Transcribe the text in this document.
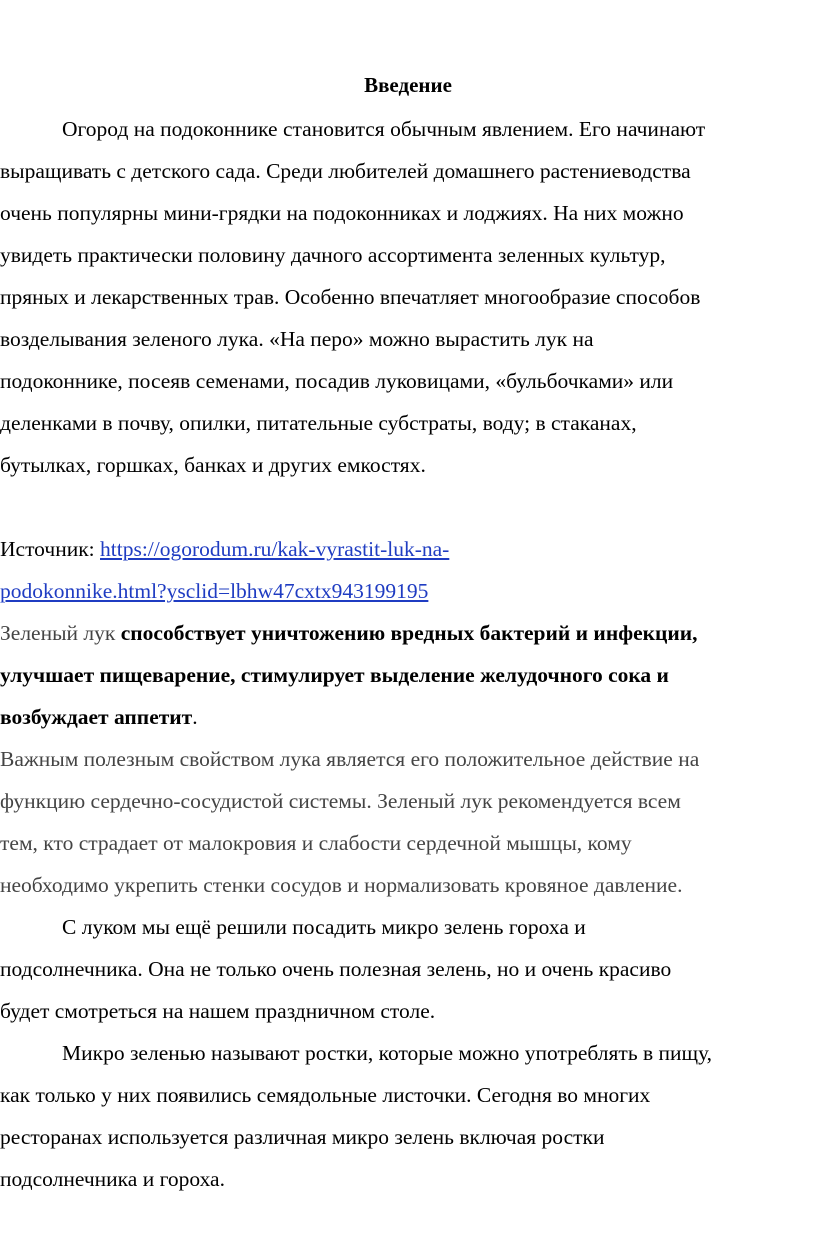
Введение
Огород на подоконнике становится обычным явлением. Его начинают
выращивать с детского сада. Среди любителей домашнего растениеводства
очень популярны мини-грядки на подоконниках и лоджиях. На них можно
увидеть практически половину дачного ассортимента зеленных культур,
пряных и лекарственных трав. Особенно впечатляет многообразие способов
возделывания зеленого лука. «На перо» можно вырастить лук на
подоконнике, посеяв семенами, посадив луковицами, «бульбочками» или
деленками в почву, опилки, питательные субстраты, воду; в стаканах,
бутылках, горшках, банках и других емкостях.
Источник: https://ogorodum.ru/kak-vyrastit-luk-na-
podokonnike.html?ysclid=lbhw47cxtx943199195
Зеленый лук способствует уничтожению вредных бактерий и инфекции,
улучшает пищеварение, стимулирует выделение желудочного сока и
возбуждает аппетит.
Важным полезным свойством лука является его положительное действие на
функцию сердечно-сосудистой системы. Зеленый лук рекомендуется всем
тем, кто страдает от малокровия и слабости сердечной мышцы, кому
необходимо укрепить стенки сосудов и нормализовать кровяное давление.
С луком мы ещё решили посадить микро зелень гороха и
подсолнечника. Она не только очень полезная зелень, но и очень красиво
будет смотреться на нашем праздничном столе.
Микро зеленью называют ростки, которые можно употреблять в пищу,
как только у них появились семядольные листочки. Сегодня во многих
ресторанах используется различная микро зелень включая ростки
подсолнечника и гороха.
